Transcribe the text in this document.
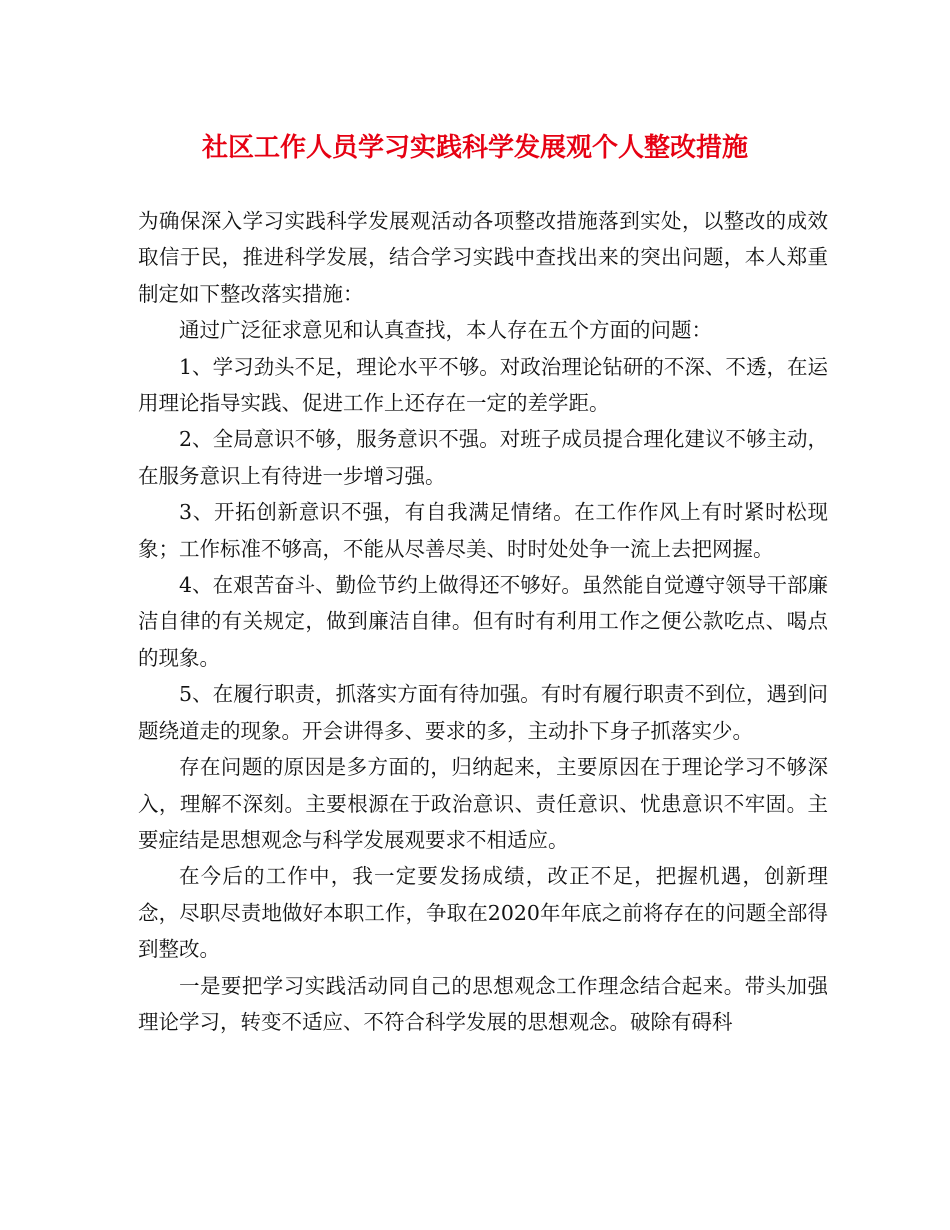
社区工作人员学习实践科学发展观个人整改措施

为确保深入学习实践科学发展观活动各项整改措施落到实处，以整改的成效取信于民，推进科学发展，结合学习实践中查找出来的突出问题，本人郑重制定如下整改落实措施：

通过广泛征求意见和认真查找，本人存在五个方面的问题：

1、学习劲头不足，理论水平不够。对政治理论钻研的不深、不透，在运用理论指导实践、促进工作上还存在一定的差学距。

2、全局意识不够，服务意识不强。对班子成员提合理化建议不够主动，在服务意识上有待进一步增习强。

3、开拓创新意识不强，有自我满足情绪。在工作作风上有时紧时松现象；工作标准不够高，不能从尽善尽美、时时处处争一流上去把网握。

4、在艰苦奋斗、勤俭节约上做得还不够好。虽然能自觉遵守领导干部廉洁自律的有关规定，做到廉洁自律。但有时有利用工作之便公款吃点、喝点的现象。

5、在履行职责，抓落实方面有待加强。有时有履行职责不到位，遇到问题绕道走的现象。开会讲得多、要求的多，主动扑下身子抓落实少。

存在问题的原因是多方面的，归纳起来，主要原因在于理论学习不够深入，理解不深刻。主要根源在于政治意识、责任意识、忧患意识不牢固。主要症结是思想观念与科学发展观要求不相适应。

在今后的工作中，我一定要发扬成绩，改正不足，把握机遇，创新理念，尽职尽责地做好本职工作，争取在2020年年底之前将存在的问题全部得到整改。

一是要把学习实践活动同自己的思想观念工作理念结合起来。带头加强理论学习，转变不适应、不符合科学发展的思想观念。破除有碍科
